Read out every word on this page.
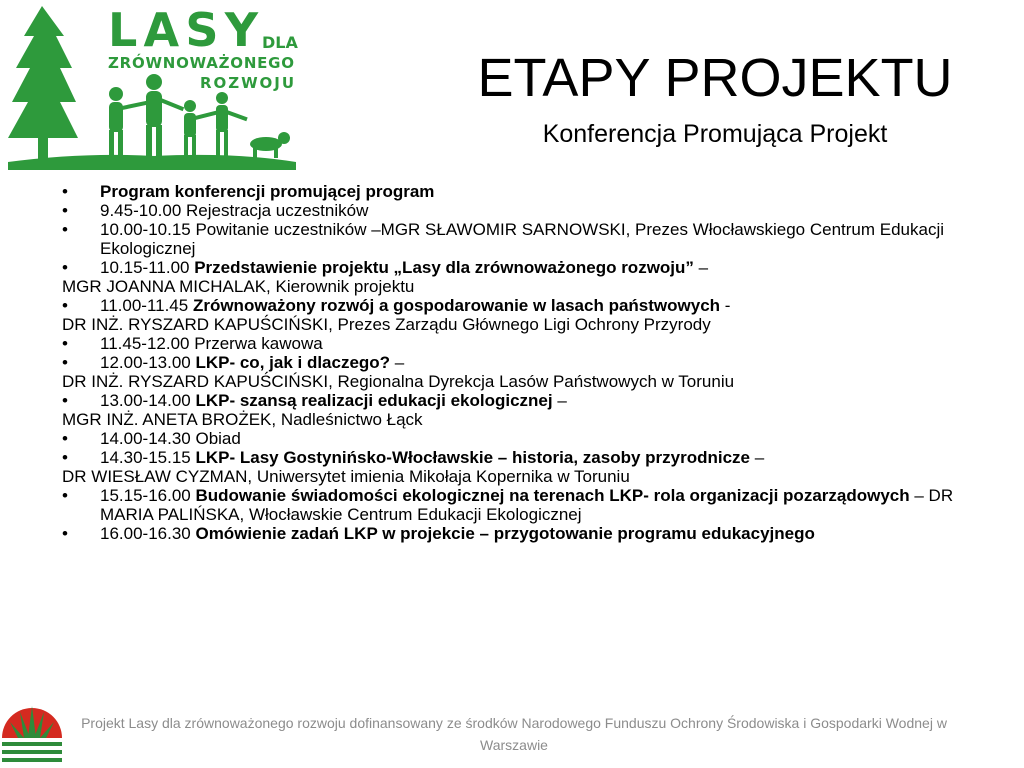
LASY DLA
ZRÓWNOWAŻONEGO
ROZWOJU	ETAPY PROJEKTU
Konferencja Promująca Projekt
• Program konferencji promującej program
• 9.45-10.00 Rejestracja uczestników
• 10.00-10.15 Powitanie uczestników –MGR SŁAWOMIR SARNOWSKI, Prezes Włocławskiego Centrum Edukacji Ekologicznej
• 10.15-11.00 Przedstawienie projektu „Lasy dla zrównoważonego rozwoju” –
MGR JOANNA MICHALAK, Kierownik projektu
• 11.00-11.45 Zrównoważony rozwój a gospodarowanie w lasach państwowych -
DR INŻ. RYSZARD KAPUŚCIŃSKI, Prezes Zarządu Głównego Ligi Ochrony Przyrody
• 11.45-12.00 Przerwa kawowa
• 12.00-13.00 LKP- co, jak i dlaczego? –
DR INŻ. RYSZARD KAPUŚCIŃSKI, Regionalna Dyrekcja Lasów Państwowych w Toruniu
• 13.00-14.00 LKP- szansą realizacji edukacji ekologicznej –
MGR INŻ. ANETA BROŻEK, Nadleśnictwo Łąck
• 14.00-14.30 Obiad
• 14.30-15.15 LKP- Lasy Gostynińsko-Włocławskie – historia, zasoby przyrodnicze –
DR WIESŁAW CYZMAN, Uniwersytet imienia Mikołaja Kopernika w Toruniu
• 15.15-16.00 Budowanie świadomości ekologicznej na terenach LKP- rola organizacji pozarządowych – DR MARIA PALIŃSKA, Włocławskie Centrum Edukacji Ekologicznej
• 16.00-16.30 Omówienie zadań LKP w projekcie – przygotowanie programu edukacyjnego
Projekt Lasy dla zrównoważonego rozwoju dofinansowany ze środków Narodowego Funduszu Ochrony Środowiska i Gospodarki Wodnej w Warszawie
